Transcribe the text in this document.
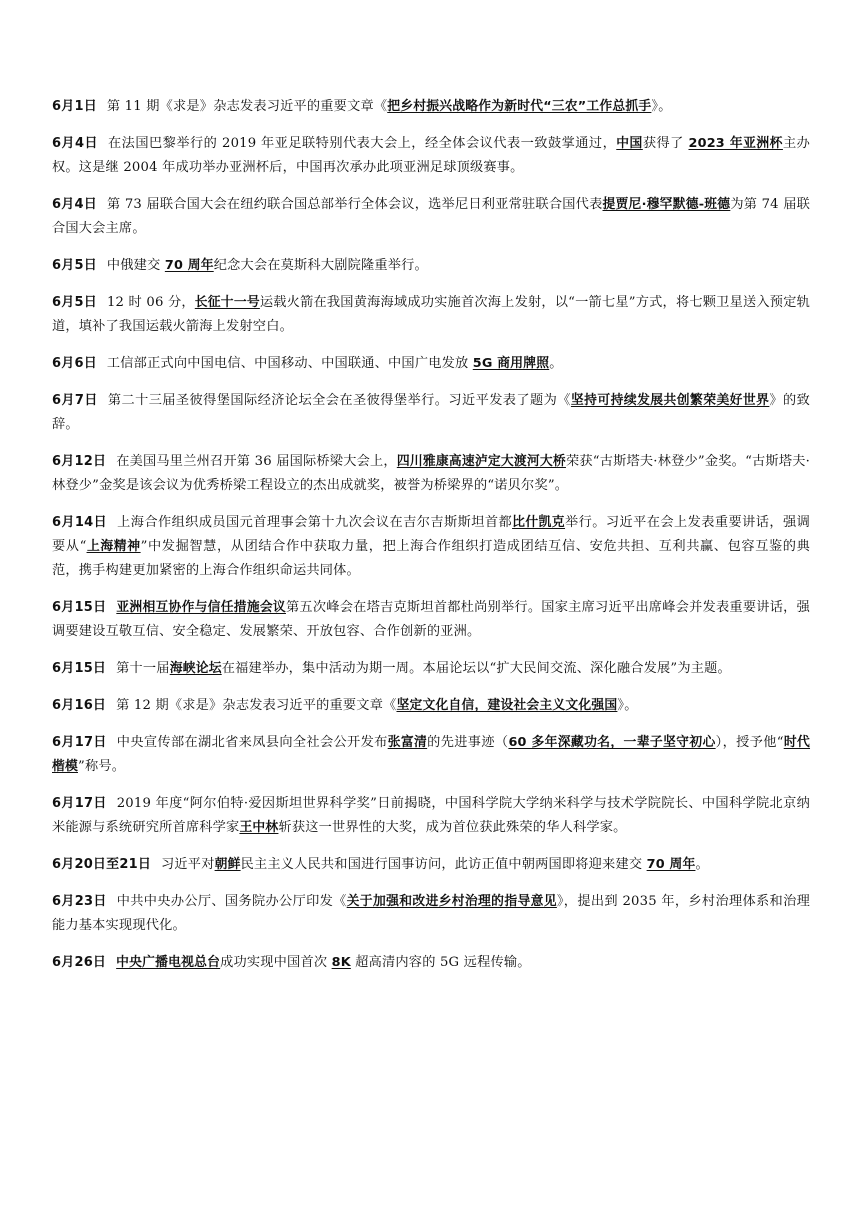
6月1日 第 11 期《求是》杂志发表习近平的重要文章《把乡村振兴战略作为新时代“三农”工作总抓手》。

6月4日 在法国巴黎举行的 2019 年亚足联特别代表大会上，经全体会议代表一致鼓掌通过，中国获得了 2023 年亚洲杯主办权。这是继 2004 年成功举办亚洲杯后，中国再次承办此项亚洲足球顶级赛事。

6月4日 第 73 届联合国大会在纽约联合国总部举行全体会议，选举尼日利亚常驻联合国代表提贾尼·穆罕默德-班德为第 74 届联合国大会主席。

6月5日 中俄建交 70 周年纪念大会在莫斯科大剧院隆重举行。

6月5日 12 时 06 分，长征十一号运载火箭在我国黄海海域成功实施首次海上发射，以“一箭七星”方式，将七颗卫星送入预定轨道，填补了我国运载火箭海上发射空白。

6月6日 工信部正式向中国电信、中国移动、中国联通、中国广电发放 5G 商用牌照。

6月7日 第二十三届圣彼得堡国际经济论坛全会在圣彼得堡举行。习近平发表了题为《坚持可持续发展共创繁荣美好世界》的致辞。

6月12日 在美国马里兰州召开第 36 届国际桥梁大会上，四川雅康高速泸定大渡河大桥荣获“古斯塔夫·林登少”金奖。“古斯塔夫·林登少”金奖是该会议为优秀桥梁工程设立的杰出成就奖，被誉为桥梁界的“诺贝尔奖”。

6月14日 上海合作组织成员国元首理事会第十九次会议在吉尔吉斯斯坦首都比什凯克举行。习近平在会上发表重要讲话，强调要从“上海精神”中发掘智慧，从团结合作中获取力量，把上海合作组织打造成团结互信、安危共担、互利共赢、包容互鉴的典范，携手构建更加紧密的上海合作组织命运共同体。

6月15日 亚洲相互协作与信任措施会议第五次峰会在塔吉克斯坦首都杜尚别举行。国家主席习近平出席峰会并发表重要讲话，强调要建设互敬互信、安全稳定、发展繁荣、开放包容、合作创新的亚洲。

6月15日 第十一届海峡论坛在福建举办，集中活动为期一周。本届论坛以“扩大民间交流、深化融合发展”为主题。

6月16日 第 12 期《求是》杂志发表习近平的重要文章《坚定文化自信，建设社会主义文化强国》。

6月17日 中央宣传部在湖北省来凤县向全社会公开发布张富清的先进事迹（60 多年深藏功名，一辈子坚守初心），授予他“时代楷模”称号。

6月17日 2019 年度“阿尔伯特·爱因斯坦世界科学奖”日前揭晓，中国科学院大学纳米科学与技术学院院长、中国科学院北京纳米能源与系统研究所首席科学家王中林斩获这一世界性的大奖，成为首位获此殊荣的华人科学家。

6月20日至21日 习近平对朝鲜民主主义人民共和国进行国事访问，此访正值中朝两国即将迎来建交 70 周年。

6月23日 中共中央办公厅、国务院办公厅印发《关于加强和改进乡村治理的指导意见》，提出到 2035 年，乡村治理体系和治理能力基本实现现代化。

6月26日 中央广播电视总台成功实现中国首次 8K 超高清内容的 5G 远程传输。
